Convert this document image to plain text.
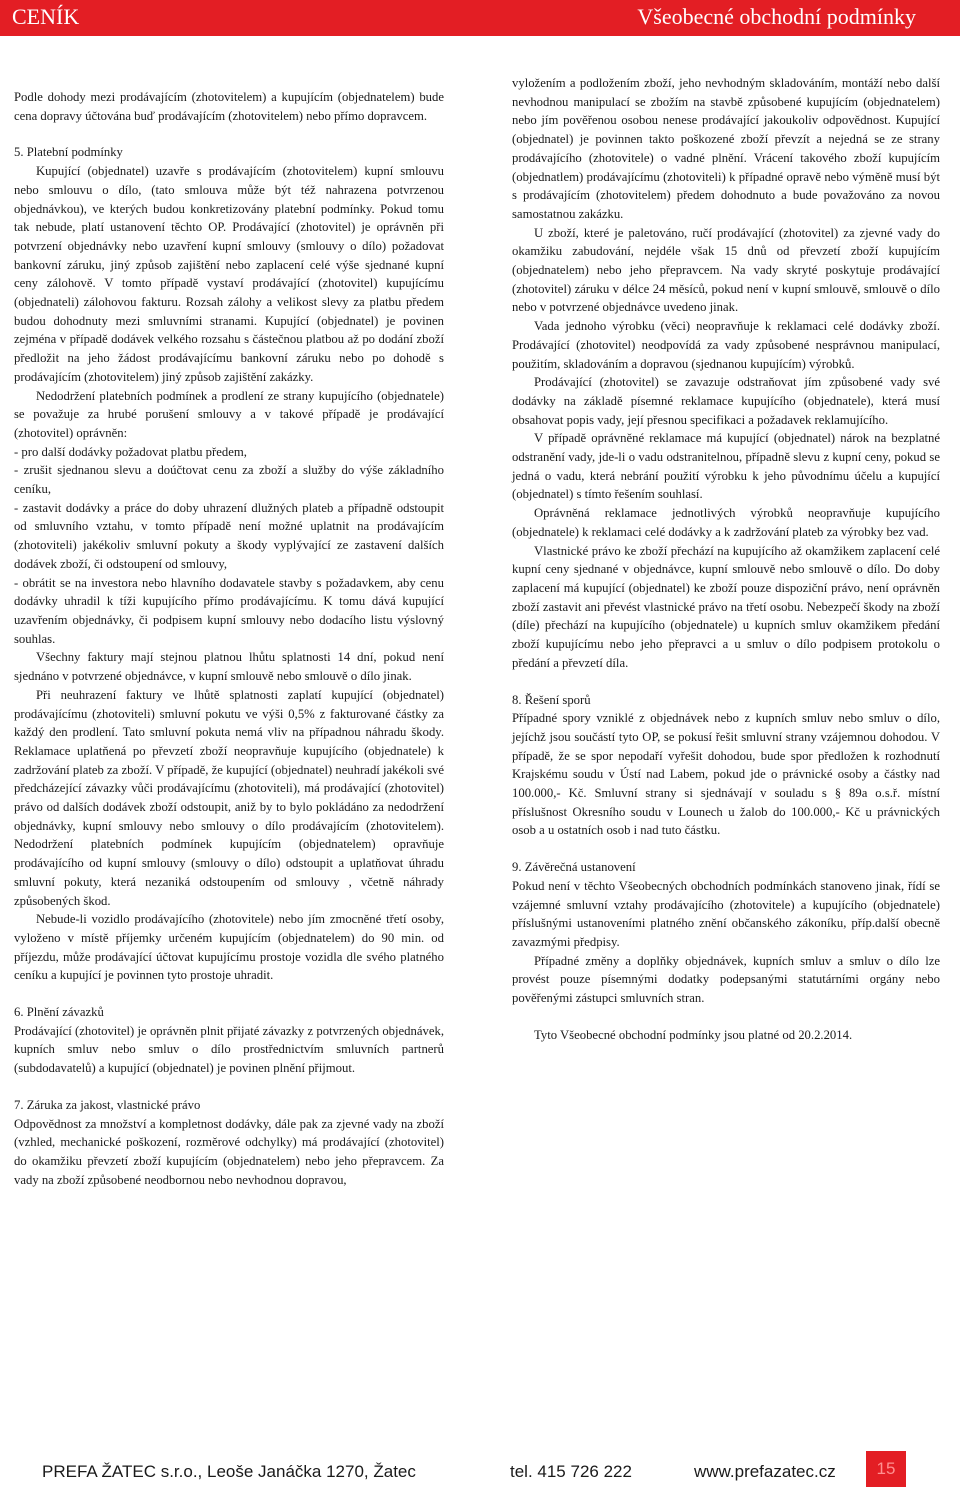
CENÍK	Všeobecné obchodní podmínky

Podle dohody mezi prodávajícím (zhotovitelem) a kupujícím (objednatelem) bude cena dopravy účtována buď prodávajícím (zhotovitelem) nebo přímo dopravcem.

5. Platební podmínky

Kupující (objednatel) uzavře s prodávajícím (zhotovitelem) kupní smlouvu nebo smlouvu o dílo, (tato smlouva může být též nahrazena potvrzenou objednávkou), ve kterých budou konkretizovány platební podmínky. Pokud tomu tak nebude, platí ustanovení těchto OP. Prodávající (zhotovitel) je oprávněn při potvrzení objednávky nebo uzavření kupní smlouvy (smlouvy o dílo) požadovat bankovní záruku, jiný způsob zajištění nebo zaplacení celé výše sjednané kupní ceny zálohově. V tomto případě vystaví prodávající (zhotovitel) kupujícímu (objednateli) zálohovou fakturu. Rozsah zálohy a velikost slevy za platbu předem budou dohodnuty mezi smluvními stranami. Kupující (objednatel) je povinen zejména v případě dodávek velkého rozsahu s částečnou platbou až po dodání zboží předložit na jeho žádost prodávajícímu bankovní záruku nebo po dohodě s prodávajícím (zhotovitelem) jiný způsob zajištění zakázky.

Nedodržení platebních podmínek a prodlení ze strany kupujícího (objednatele) se považuje za hrubé porušení smlouvy a v takové případě je prodávající (zhotovitel) oprávněn:

- pro další dodávky požadovat platbu předem,

- zrušit sjednanou slevu a doúčtovat cenu za zboží a služby do výše základního ceníku,

- zastavit dodávky a práce do doby uhrazení dlužných plateb a případně odstoupit od smluvního vztahu, v tomto případě není možné uplatnit na prodávajícím (zhotoviteli) jakékoliv smluvní pokuty a škody vyplývající ze zastavení dalších dodávek zboží, či odstoupení od smlouvy,

- obrátit se na investora nebo hlavního dodavatele stavby s požadavkem, aby cenu dodávky uhradil k tíži kupujícího přímo prodávajícímu. K tomu dává kupující uzavřením objednávky, či podpisem kupní smlouvy nebo dodacího listu výslovný souhlas.

Všechny faktury mají stejnou platnou lhůtu splatnosti 14 dní, pokud není sjednáno v potvrzené objednávce, v kupní smlouvě nebo smlouvě o dílo jinak.

Při neuhrazení faktury ve lhůtě splatnosti zaplatí kupující (objednatel) prodávajícímu (zhotoviteli) smluvní pokutu ve výši 0,5% z fakturované částky za každý den prodlení. Tato smluvní pokuta nemá vliv na případnou náhradu škody. Reklamace uplatňená po převzetí zboží neopravňuje kupujícího (objednatele) k zadržování plateb za zboží. V případě, že kupující (objednatel) neuhradí jakékoli své předcházející závazky vůči prodávajícímu (zhotoviteli), má prodávající (zhotovitel) právo od dalších dodávek zboží odstoupit, aniž by to bylo pokládáno za nedodržení objednávky, kupní smlouvy nebo smlouvy o dílo prodávajícím (zhotovitelem). Nedodržení platebních podmínek kupujícím (objednatelem) opravňuje prodávajícího od kupní smlouvy (smlouvy o dílo) odstoupit a uplatňovat úhradu smluvní pokuty, která nezaniká odstoupením od smlouvy , včetně náhrady způsobených škod.

Nebude-li vozidlo prodávajícího (zhotovitele) nebo jím zmocněné třetí osoby, vyloženo v místě příjemky určeném kupujícím (objednatelem) do 90 min. od příjezdu, může prodávající účtovat kupujícímu prostoje vozidla dle svého platného ceníku a kupující je povinnen tyto prostoje uhradit.

6. Plnění závazků

Prodávající (zhotovitel) je oprávněn plnit přijaté závazky z potvrzených objednávek, kupních smluv nebo smluv o dílo prostřednictvím smluvních partnerů (subdodavatelů) a kupující (objednatel) je povinen plnění přijmout.

7. Záruka za jakost, vlastnické právo

Odpovědnost za množství a kompletnost dodávky, dále pak za zjevné vady na zboží (vzhled, mechanické poškození, rozměrové odchylky) má prodávající (zhotovitel) do okamžiku převzetí zboží kupujícím (objednatelem) nebo jeho přepravcem. Za vady na zboží způsobené neodbornou nebo nevhodnou dopravou,

vyložením a podložením zboží, jeho nevhodným skladováním, montáží nebo další nevhodnou manipulací se zbožím na stavbě způsobené kupujícím (objednatelem) nebo jím pověřenou osobou nenese prodávající jakoukoliv odpovědnost. Kupující (objednatel) je povinnen takto poškozené zboží převzít a nejedná se ze strany prodávajícího (zhotovitele) o vadné plnění. Vrácení takového zboží kupujícím (objednatlem) prodávajícímu (zhotoviteli) k případné opravě nebo výměně musí být s prodávajícím (zhotovitelem) předem dohodnuto a bude považováno za novou samostatnou zakázku.

U zboží, které je paletováno, ručí prodávající (zhotovitel) za zjevné vady do okamžiku zabudování, nejdéle však 15 dnů od převzetí zboží kupujícím (objednatelem) nebo jeho přepravcem. Na vady skryté poskytuje prodávající (zhotovitel) záruku v délce 24 měsíců, pokud není v kupní smlouvě, smlouvě o dílo nebo v potvrzené objednávce uvedeno jinak.

Vada jednoho výrobku (věci) neopravňuje k reklamaci celé dodávky zboží. Prodávající (zhotovitel) neodpovídá za vady způsobené nesprávnou manipulací, použitím, skladováním a dopravou (sjednanou kupujícím) výrobků.

Prodávající (zhotovitel) se zavazuje odstraňovat jím způsobené vady své dodávky na základě písemné reklamace kupujícího (objednatele), která musí obsahovat popis vady, její přesnou specifikaci a požadavek reklamujícího.

V případě oprávněné reklamace má kupující (objednatel) nárok na bezplatné odstranění vady, jde-li o vadu odstranitelnou, případně slevu z kupní ceny, pokud se jedná o vadu, která nebrání použití výrobku k jeho původnímu účelu a kupující (objednatel) s tímto řešením souhlasí.

Oprávněná reklamace jednotlivých výrobků neopravňuje kupujícího (objednatele) k reklamaci celé dodávky a k zadržování plateb za výrobky bez vad.

Vlastnické právo ke zboží přechází na kupujícího až okamžikem zaplacení celé kupní ceny sjednané v objednávce, kupní smlouvě nebo smlouvě o dílo. Do doby zaplacení má kupující (objednatel) ke zboží pouze dispoziční právo, není oprávněn zboží zastavit ani převést vlastnické právo na třetí osobu. Nebezpečí škody na zboží (díle) přechází na kupujícího (objednatele) u kupních smluv okamžikem předání zboží kupujícímu nebo jeho přepravci a u smluv o dílo podpisem protokolu o předání a převzetí díla.

8. Řešení sporů

Případné spory vzniklé z objednávek nebo z kupních smluv nebo smluv o dílo, jejíchž jsou součástí tyto OP, se pokusí řešit smluvní strany vzájemnou dohodou. V případě, že se spor nepodaří vyřešit dohodou, bude spor předložen k rozhodnutí Krajskému soudu v Ústí nad Labem, pokud jde o právnické osoby a částky nad 100.000,- Kč. Smluvní strany si sjednávají v souladu s § 89a o.s.ř. místní příslušnost Okresního soudu v Lounech u žalob do 100.000,- Kč u právnických osob a u ostatních osob i nad tuto částku.

9. Závěrečná ustanovení

Pokud není v těchto Všeobecných obchodních podmínkách stanoveno jinak, řídí se vzájemné smluvní vztahy prodávajícího (zhotovitele) a kupujícího (objednatele) příslušnými ustanoveními platného znění občanského zákoníku, příp.další obecně zavazmými předpisy.

Případné změny a doplňky objednávek, kupních smluv a smluv o dílo lze provést pouze písemnými dodatky podepsanými statutárními orgány nebo pověřenými zástupci smluvních stran.

Tyto Všeobecné obchodní podmínky jsou platné od 20.2.2014.

PREFA ŽATEC s.r.o., Leoše Janáčka 1270, Žatec	tel. 415 726 222	www.prefazatec.cz	15
